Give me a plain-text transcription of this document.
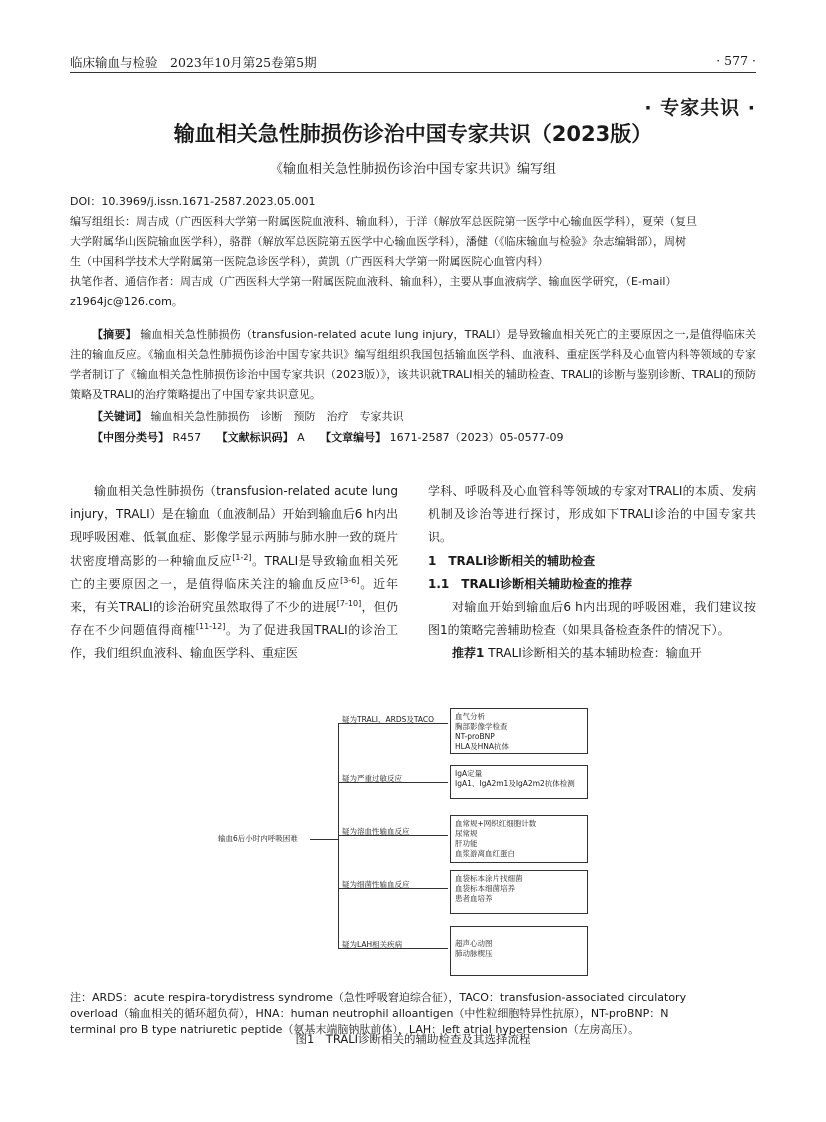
临床输血与检验　2023年10月第25卷第5期	· 577 ·
· 专家共识 ·
输血相关急性肺损伤诊治中国专家共识（2023版）
《输血相关急性肺损伤诊治中国专家共识》编写组
DOI：10.3969/j.issn.1671-2587.2023.05.001
编写组组长：周吉成（广西医科大学第一附属医院血液科、输血科），于洋（解放军总医院第一医学中心输血医学科），夏荣（复旦
大学附属华山医院输血医学科），骆群（解放军总医院第五医学中心输血医学科），潘健（《临床输血与检验》杂志编辑部），周树
生（中国科学技术大学附属第一医院急诊医学科），黄凯（广西医科大学第一附属医院心血管内科）
执笔作者、通信作者：周吉成（广西医科大学第一附属医院血液科、输血科），主要从事血液病学、输血医学研究，（E-mail）
z1964jc@126.com。
【摘要】 输血相关急性肺损伤（transfusion-related acute lung injury，TRALI）是导致输血相关死亡的主要原因之一,是值得临床关注的输血反应。《输血相关急性肺损伤诊治中国专家共识》编写组组织我国包括输血医学科、血液科、重症医学科及心血管内科等领域的专家学者制订了《输血相关急性肺损伤诊治中国专家共识（2023版）》，该共识就TRALI相关的辅助检查、TRALI的诊断与鉴别诊断、TRALI的预防策略及TRALI的治疗策略提出了中国专家共识意见。
【关键词】 输血相关急性肺损伤　诊断　预防　治疗　专家共识
【中图分类号】 R457 【文献标识码】 A 【文章编号】 1671-2587（2023）05-0577-09

输血相关急性肺损伤（transfusion-related acute lung injury，TRALI）是在输血（血液制品）开始到输血后6 h内出现呼吸困难、低氧血症、影像学显示两肺与肺水肿一致的斑片状密度增高影的一种输血反应[1-2]。TRALI是导致输血相关死亡的主要原因之一，是值得临床关注的输血反应[3-6]。近年来，有关TRALI的诊治研究虽然取得了不少的进展[7-10]，但仍存在不少问题值得商榷[11-12]。为了促进我国TRALI的诊治工作，我们组织血液科、输血医学科、重症医

学科、呼吸科及心血管科等领域的专家对TRALI的本质、发病机制及诊治等进行探讨，形成如下TRALI诊治的中国专家共识。

1　TRALI诊断相关的辅助检查

1.1　TRALI诊断相关辅助检查的推荐

对输血开始到输血后6 h内出现的呼吸困难，我们建议按图1的策略完善辅助检查（如果具备检查条件的情况下）。

推荐1 TRALI诊断相关的基本辅助检查：输血开

输血6后小时内呼吸困难
疑为TRALI、ARDS及TACO	血气分析
胸部影像学检查
NT-proBNP
HLA及HNA抗体
疑为严重过敏反应
IgA定量
IgA1、IgA2m1及IgA2m2抗体检测
疑为溶血性输血反应
血常规+网织红细胞计数
尿常规
肝功能
血浆游离血红蛋白
疑为细菌性输血反应
血袋标本涂片找细菌
血袋标本细菌培养
患者血培养
疑为LAH相关疾病	超声心动图
肺动脉楔压
注：ARDS：acute respira-torydistress syndrome（急性呼吸窘迫综合征），TACO：transfusion-associated circulatory
overload（输血相关的循环超负荷），HNA：human neutrophil alloantigen（中性粒细胞特异性抗原），NT-proBNP：N
terminal pro B type natriuretic peptide（氨基末端脑钠肽前体），LAH：left atrial hypertension（左房高压）。
图1　TRALI诊断相关的辅助检查及其选择流程
